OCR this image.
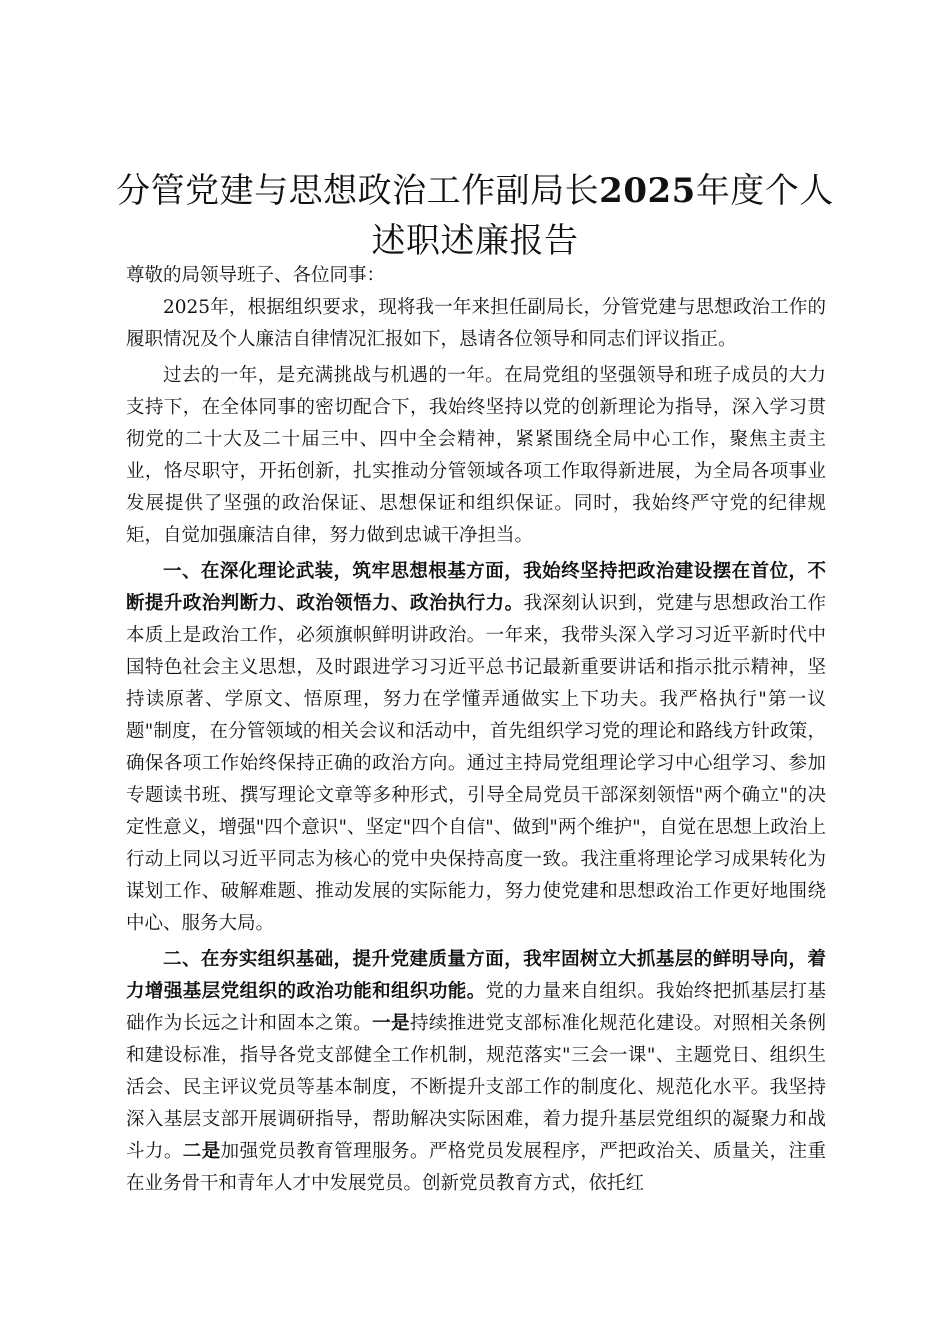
分管党建与思想政治工作副局长2025年度个人述职述廉报告

尊敬的局领导班子、各位同事：

2025年，根据组织要求，现将我一年来担任副局长，分管党建与思想政治工作的履职情况及个人廉洁自律情况汇报如下，恳请各位领导和同志们评议指正。

过去的一年，是充满挑战与机遇的一年。在局党组的坚强领导和班子成员的大力支持下，在全体同事的密切配合下，我始终坚持以党的创新理论为指导，深入学习贯彻党的二十大及二十届三中、四中全会精神，紧紧围绕全局中心工作，聚焦主责主业，恪尽职守，开拓创新，扎实推动分管领域各项工作取得新进展，为全局各项事业发展提供了坚强的政治保证、思想保证和组织保证。同时，我始终严守党的纪律规矩，自觉加强廉洁自律，努力做到忠诚干净担当。

一、在深化理论武装，筑牢思想根基方面，我始终坚持把政治建设摆在首位，不断提升政治判断力、政治领悟力、政治执行力。我深刻认识到，党建与思想政治工作本质上是政治工作，必须旗帜鲜明讲政治。一年来，我带头深入学习习近平新时代中国特色社会主义思想，及时跟进学习习近平总书记最新重要讲话和指示批示精神，坚持读原著、学原文、悟原理，努力在学懂弄通做实上下功夫。我严格执行"第一议题"制度，在分管领域的相关会议和活动中，首先组织学习党的理论和路线方针政策，确保各项工作始终保持正确的政治方向。通过主持局党组理论学习中心组学习、参加专题读书班、撰写理论文章等多种形式，引导全局党员干部深刻领悟"两个确立"的决定性意义，增强"四个意识"、坚定"四个自信"、做到"两个维护"，自觉在思想上政治上行动上同以习近平同志为核心的党中央保持高度一致。我注重将理论学习成果转化为谋划工作、破解难题、推动发展的实际能力，努力使党建和思想政治工作更好地围绕中心、服务大局。

二、在夯实组织基础，提升党建质量方面，我牢固树立大抓基层的鲜明导向，着力增强基层党组织的政治功能和组织功能。党的力量来自组织。我始终把抓基层打基础作为长远之计和固本之策。一是持续推进党支部标准化规范化建设。对照相关条例和建设标准，指导各党支部健全工作机制，规范落实"三会一课"、主题党日、组织生活会、民主评议党员等基本制度，不断提升支部工作的制度化、规范化水平。我坚持深入基层支部开展调研指导，帮助解决实际困难，着力提升基层党组织的凝聚力和战斗力。二是加强党员教育管理服务。严格党员发展程序，严把政治关、质量关，注重在业务骨干和青年人才中发展党员。创新党员教育方式，依托红
